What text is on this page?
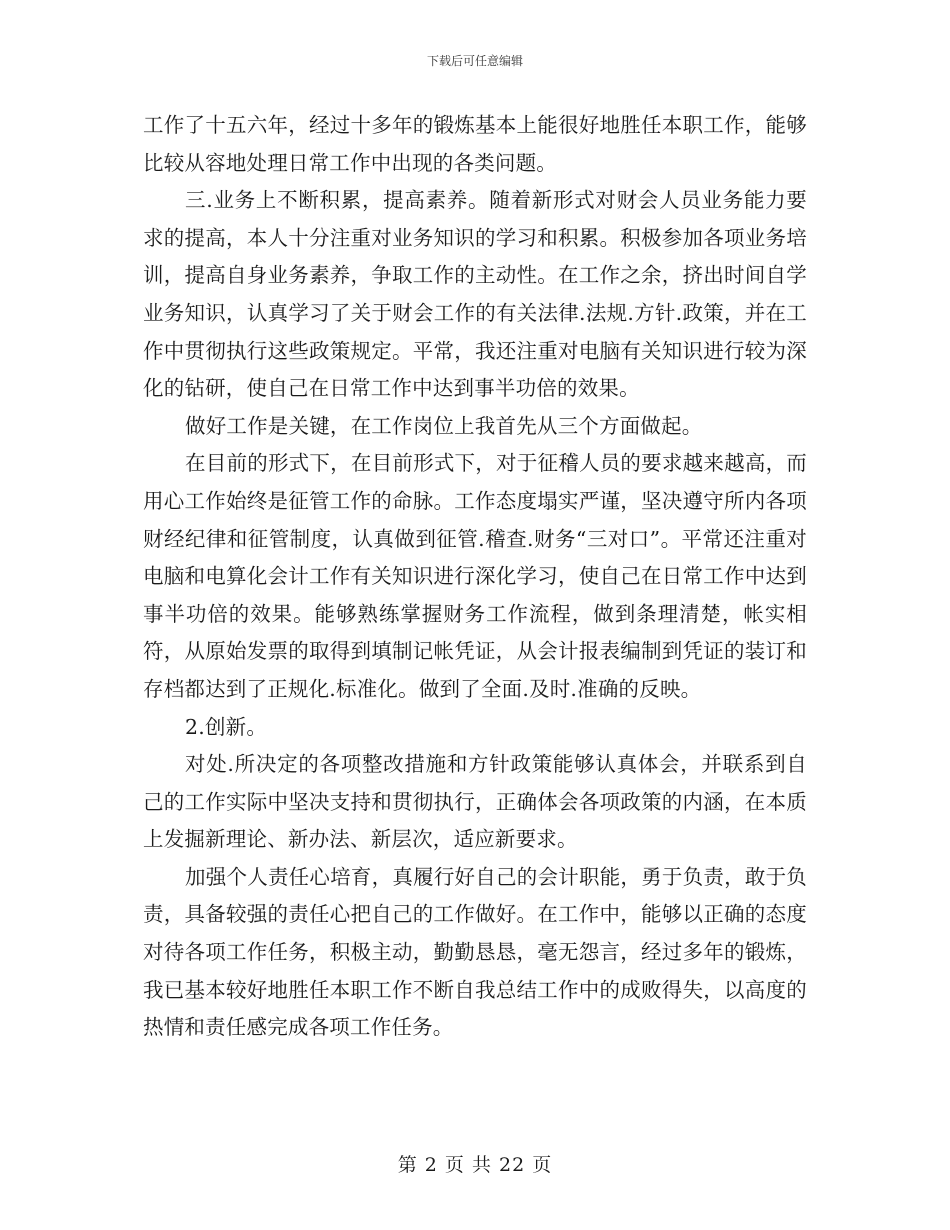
下载后可任意编辑

工作了十五六年，经过十多年的锻炼基本上能很好地胜任本职工作，能够比较从容地处理日常工作中出现的各类问题。

三.业务上不断积累，提高素养。随着新形式对财会人员业务能力要求的提高，本人十分注重对业务知识的学习和积累。积极参加各项业务培训，提高自身业务素养，争取工作的主动性。在工作之余，挤出时间自学业务知识，认真学习了关于财会工作的有关法律.法规.方针.政策，并在工作中贯彻执行这些政策规定。平常，我还注重对电脑有关知识进行较为深化的钻研，使自己在日常工作中达到事半功倍的效果。

做好工作是关键，在工作岗位上我首先从三个方面做起。

在目前的形式下，在目前形式下，对于征稽人员的要求越来越高，而用心工作始终是征管工作的命脉。工作态度塌实严谨，坚决遵守所内各项财经纪律和征管制度，认真做到征管.稽查.财务“三对口”。平常还注重对电脑和电算化会计工作有关知识进行深化学习，使自己在日常工作中达到事半功倍的效果。能够熟练掌握财务工作流程，做到条理清楚，帐实相符，从原始发票的取得到填制记帐凭证，从会计报表编制到凭证的装订和存档都达到了正规化.标准化。做到了全面.及时.准确的反映。

2.创新。

对处.所决定的各项整改措施和方针政策能够认真体会，并联系到自己的工作实际中坚决支持和贯彻执行，正确体会各项政策的内涵，在本质上发掘新理论、新办法、新层次，适应新要求。

加强个人责任心培育，真履行好自己的会计职能，勇于负责，敢于负责，具备较强的责任心把自己的工作做好。在工作中，能够以正确的态度对待各项工作任务，积极主动，勤勤恳恳，毫无怨言，经过多年的锻炼，我已基本较好地胜任本职工作不断自我总结工作中的成败得失，以高度的热情和责任感完成各项工作任务。

第 2 页 共 22 页
